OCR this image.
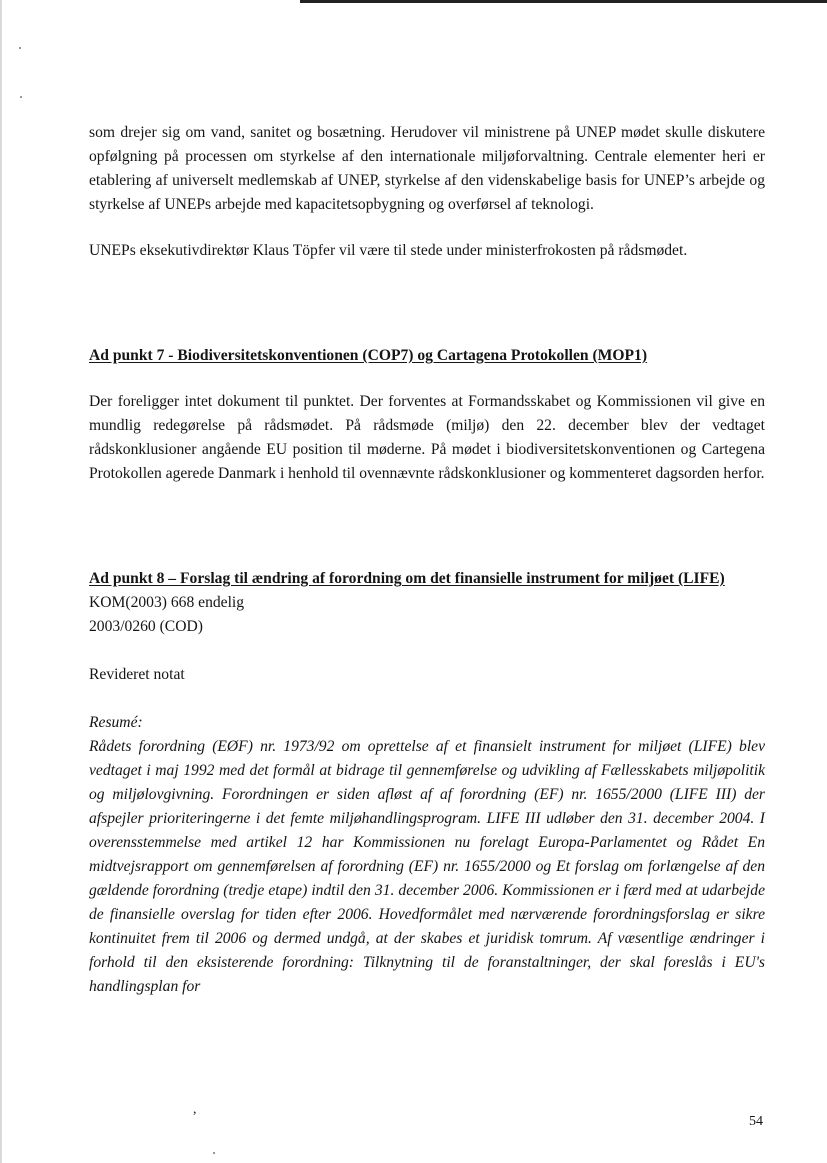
,

som drejer sig om vand, sanitet og bosætning. Herudover vil ministrene på UNEP mødet skulle diskutere opfølgning på processen om styrkelse af den internationale miljøforvaltning. Centrale elementer heri er etablering af universelt medlemskab af UNEP, styrkelse af den videnskabelige basis for UNEP’s arbejde og styrkelse af UNEPs arbejde med kapacitetsopbygning og overførsel af teknologi.

UNEPs eksekutivdirektør Klaus Töpfer vil være til stede under ministerfrokosten på rådsmødet.

Ad punkt 7 - Biodiversitetskonventionen (COP7) og Cartagena Protokollen (MOP1)

Der foreligger intet dokument til punktet. Der forventes at Formandsskabet og Kommissionen vil give en mundlig redegørelse på rådsmødet. På rådsmøde (miljø) den 22. december blev der vedtaget rådskonklusioner angående EU position til møderne. På mødet i biodiversitetskonventionen og Cartegena Protokollen agerede Danmark i henhold til ovennævnte rådskonklusioner og kommenteret dagsorden herfor.

Ad punkt 8 – Forslag til ændring af forordning om det finansielle instrument for miljøet (LIFE)

KOM(2003) 668 endelig

2003/0260 (COD)

Revideret notat

Resumé:

Rådets forordning (EØF) nr. 1973/92 om oprettelse af et finansielt instrument for miljøet (LIFE) blev vedtaget i maj 1992 med det formål at bidrage til gennemførelse og udvikling af Fællesskabets miljøpolitik og miljølovgivning. Forordningen er siden afløst af af forordning (EF) nr. 1655/2000 (LIFE III) der afspejler prioriteringerne i det femte miljøhandlingsprogram. LIFE III udløber den 31. december 2004. I overensstemmelse med artikel 12 har Kommissionen nu forelagt Europa-Parlamentet og Rådet En midtvejsrapport om gennemførelsen af forordning (EF) nr. 1655/2000 og Et forslag om forlængelse af den gældende forordning (tredje etape) indtil den 31. december 2006. Kommissionen er i færd med at udarbejde de finansielle overslag for tiden efter 2006. Hovedformålet med nærværende forordningsforslag er sikre kontinuitet frem til 2006 og dermed undgå, at der skabes et juridisk tomrum. Af væsentlige ændringer i forhold til den eksisterende forordning: Tilknytning til de foranstaltninger, der skal foreslås i EU's handlingsplan for

54
